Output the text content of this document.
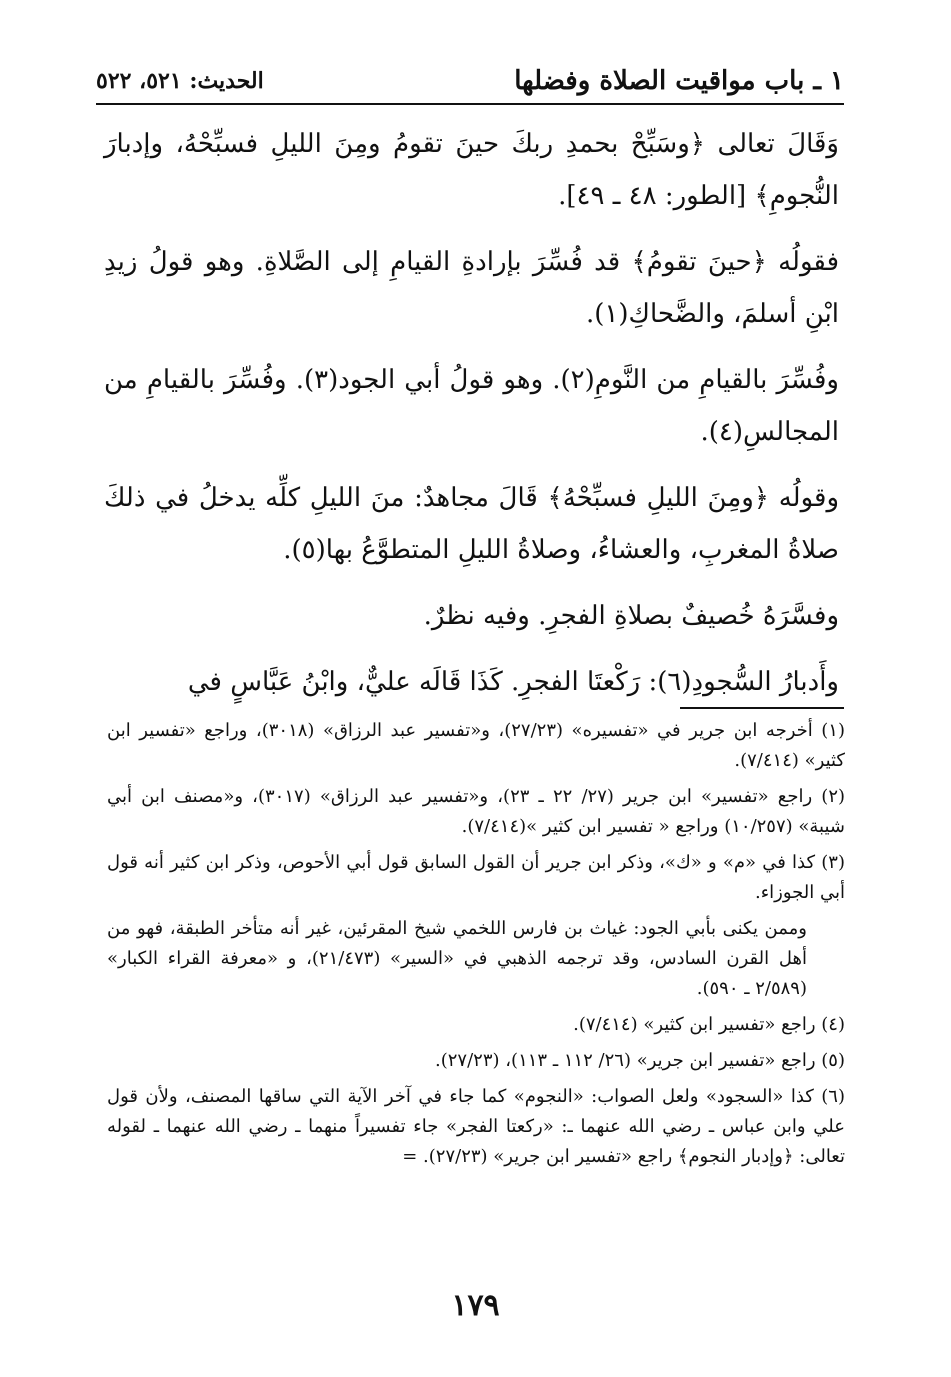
١ ـ باب مواقيت الصلاة وفضلها
الحديث: ٥٢١، ٥٢٢

وَقَالَ تعالى ﴿وسَبِّحْ بحمدِ ربكَ حينَ تقومُ ومِنَ الليلِ فسبِّحْهُ، وإدبارَ النُّجومِ﴾ [الطور: ٤٨ ـ ٤٩].

فقولُه ﴿حينَ تقومُ﴾ قد فُسِّرَ بإرادةِ القيامِ إلى الصَّلاةِ. وهو قولُ زيدِ ابْنِ أسلمَ، والضَّحاكِ(١).

وفُسِّرَ بالقيامِ من النَّومِ(٢). وهو قولُ أبي الجود(٣). وفُسِّرَ بالقيامِ من المجالسِ(٤).

وقولُه ﴿ومِنَ الليلِ فسبِّحْهُ﴾ قَالَ مجاهدٌ: منَ الليلِ كلِّه يدخلُ في ذلكَ صلاةُ المغربِ، والعشاءُ، وصلاةُ الليلِ المتطوَّعُ بها(٥).

وفسَّرَهُ خُصيفٌ بصلاةِ الفجرِ. وفيه نظرٌ.

وأَدبارُ السُّجودِ(٦): رَكْعتَا الفجرِ. كَذَا قَالَه عليٌّ، وابْنُ عَبَّاسٍ في

(١) أخرجه ابن جرير في «تفسيره» (٢٧/٢٣)، و«تفسير عبد الرزاق» (٣٠١٨)، وراجع «تفسير ابن كثير» (٧/٤١٤).

(٢) راجع «تفسير» ابن جرير (٢٧/ ٢٢ ـ ٢٣)، و«تفسير عبد الرزاق» (٣٠١٧)، و«مصنف ابن أبي شيبة» (١٠/٢٥٧) وراجع « تفسير ابن كثير »(٧/٤١٤).

(٣) كذا في «م» و «ك»، وذكر ابن جرير أن القول السابق قول أبي الأحوص، وذكر ابن كثير أنه قول أبي الجوزاء.

وممن يكنى بأبي الجود: غياث بن فارس اللخمي شيخ المقرئين، غير أنه متأخر الطبقة، فهو من أهل القرن السادس، وقد ترجمه الذهبي في «السير» (٢١/٤٧٣)، و «معرفة القراء الكبار» (٢/٥٨٩ ـ ٥٩٠).

(٤) راجع «تفسير ابن كثير» (٧/٤١٤).

(٥) راجع «تفسير ابن جرير» (٢٦/ ١١٢ ـ ١١٣)، (٢٧/٢٣).

(٦) كذا «السجود» ولعل الصواب: «النجوم» كما جاء في آخر الآية التي ساقها المصنف، ولأن قول علي وابن عباس ـ رضي الله عنهما ـ: «ركعتا الفجر» جاء تفسيراً منهما ـ رضي الله عنهما ـ لقوله تعالى: ﴿وإدبار النجوم﴾ راجع «تفسير ابن جرير» (٢٧/٢٣). =

١٧٩
